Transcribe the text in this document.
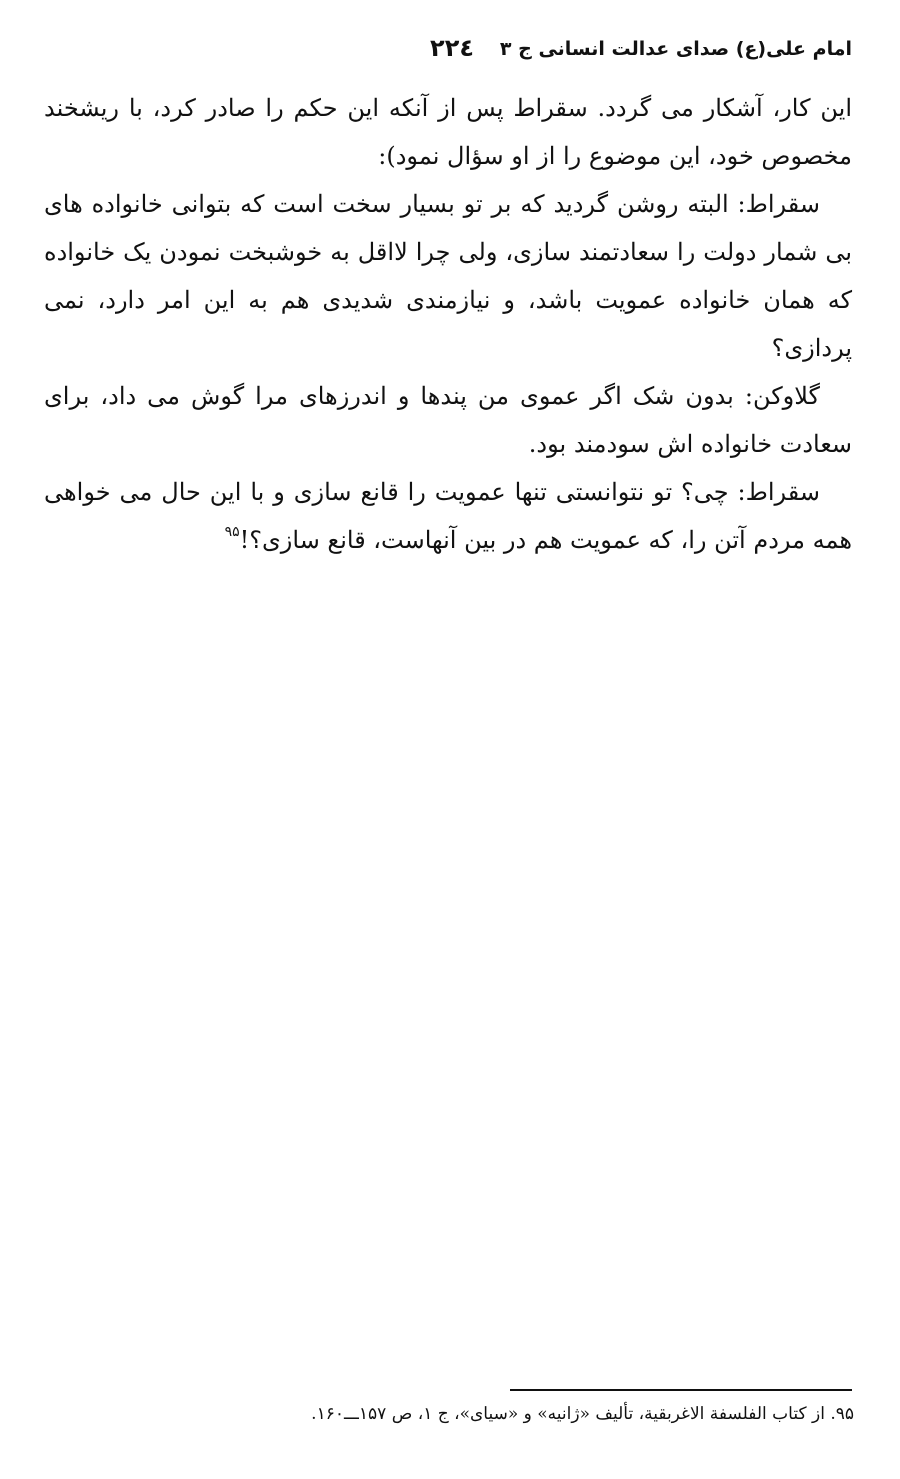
امام علی(ع) صدای عدالت انسانی ج ۳
۲۲٤

این کار، آشکار می گردد. سقراط پس از آنکه این حکم را صادر کرد، با ریشخند مخصوص خود، این موضوع را از او سؤال نمود):

سقراط: البته روشن گردید که بر تو بسیار سخت است که بتوانی خانواده های بی شمار دولت را سعادتمند سازی، ولی چرا لااقل به خوشبخت نمودن یک خانواده که همان خانواده عمویت باشد، و نیازمندی شدیدی هم به این امر دارد، نمی پردازی؟

گلاوکن: بدون شک اگر عموی من پندها و اندرزهای مرا گوش می داد، برای سعادت خانواده اش سودمند بود.

سقراط: چی؟ تو نتوانستی تنها عمویت را قانع سازی و با این حال می خواهی همه مردم آتن را، که عمویت هم در بین آنهاست، قانع سازی؟!$^{۹۵}$

۹۵. از کتاب الفلسفة الاغربقیة، تألیف «ژانیه» و «سیای»، ج ۱، ص ۱۵۷ـــ۱۶۰.
